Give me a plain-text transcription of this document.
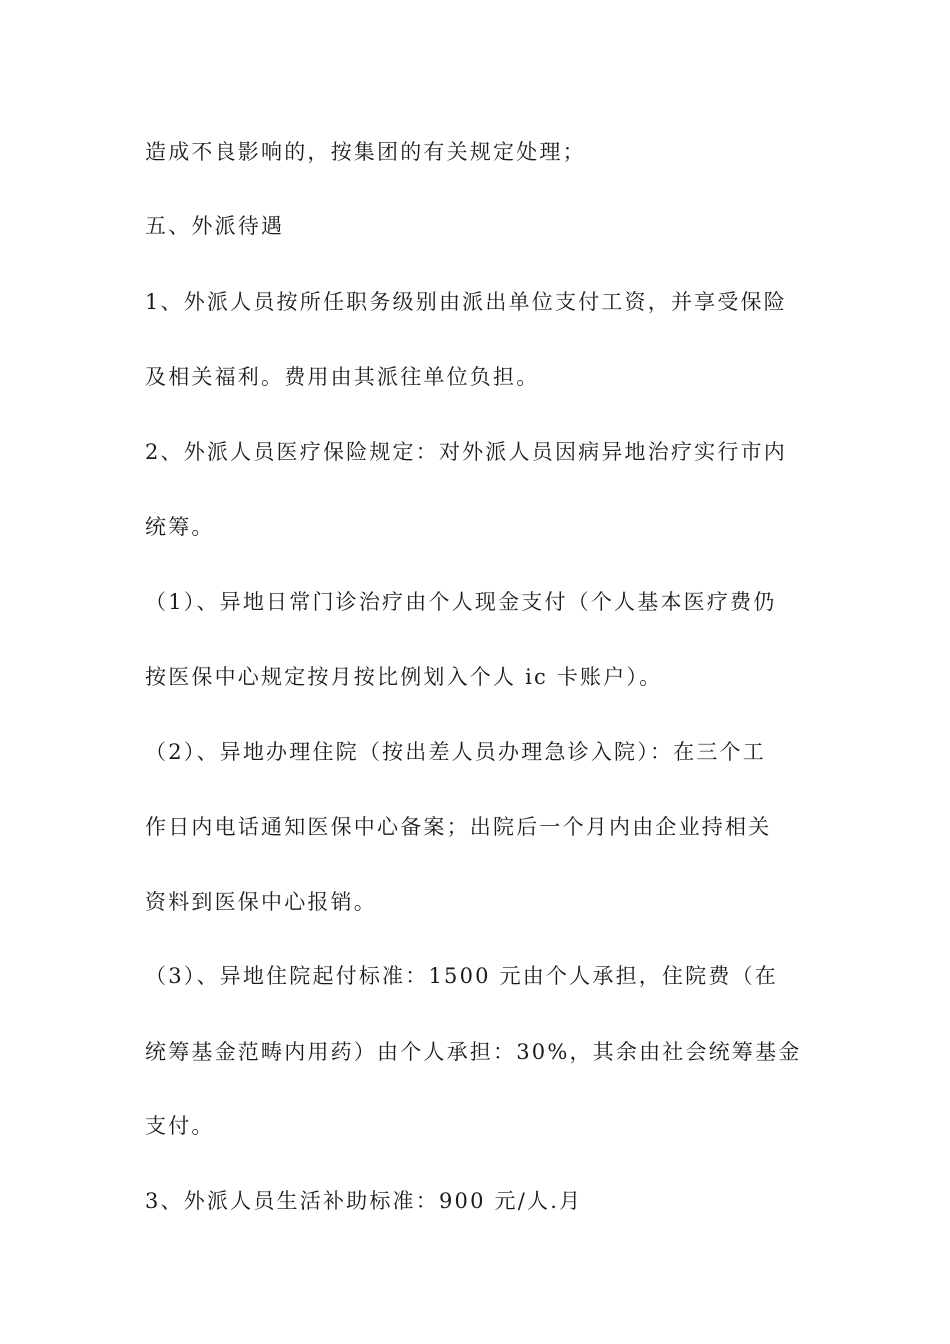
造成不良影响的，按集团的有关规定处理；

五、外派待遇

1、外派人员按所任职务级别由派出单位支付工资，并享受保险

及相关福利。费用由其派往单位负担。

2、外派人员医疗保险规定：对外派人员因病异地治疗实行市内

统筹。

（1）、异地日常门诊治疗由个人现金支付（个人基本医疗费仍

按医保中心规定按月按比例划入个人 ic 卡账户）。

（2）、异地办理住院（按出差人员办理急诊入院）：在三个工

作日内电话通知医保中心备案；出院后一个月内由企业持相关

资料到医保中心报销。

（3）、异地住院起付标准：1500 元由个人承担，住院费（在

统筹基金范畴内用药）由个人承担：30%，其余由社会统筹基金

支付。

3、外派人员生活补助标准：900 元/人.月
